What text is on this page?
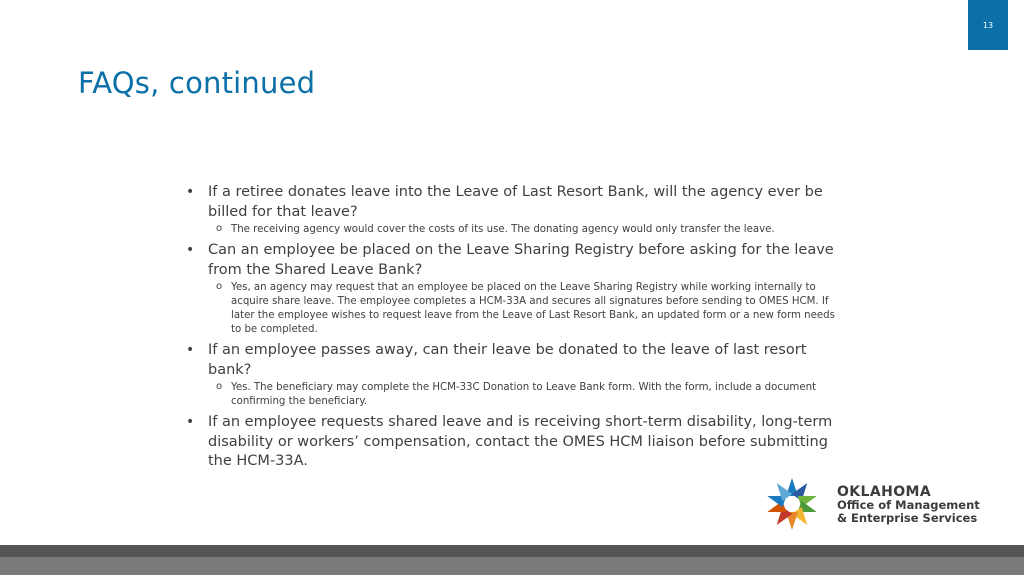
13
FAQs, continued
• If a retiree donates leave into the Leave of Last Resort Bank, will the agency ever be billed for that leave?
o The receiving agency would cover the costs of its use. The donating agency would only transfer the leave.
• Can an employee be placed on the Leave Sharing Registry before asking for the leave from the Shared Leave Bank?
o Yes, an agency may request that an employee be placed on the Leave Sharing Registry while working internally to acquire share leave. The employee completes a HCM-33A and secures all signatures before sending to OMES HCM. If later the employee wishes to request leave from the Leave of Last Resort Bank, an updated form or a new form needs to be completed.
• If an employee passes away, can their leave be donated to the leave of last resort bank?
o Yes. The beneficiary may complete the HCM-33C Donation to Leave Bank form. With the form, include a document confirming the beneficiary.
• If an employee requests shared leave and is receiving short-term disability, long-term disability or workers’ compensation, contact the OMES HCM liaison before submitting the HCM-33A.
OKLAHOMA
Office of Management
& Enterprise Services
